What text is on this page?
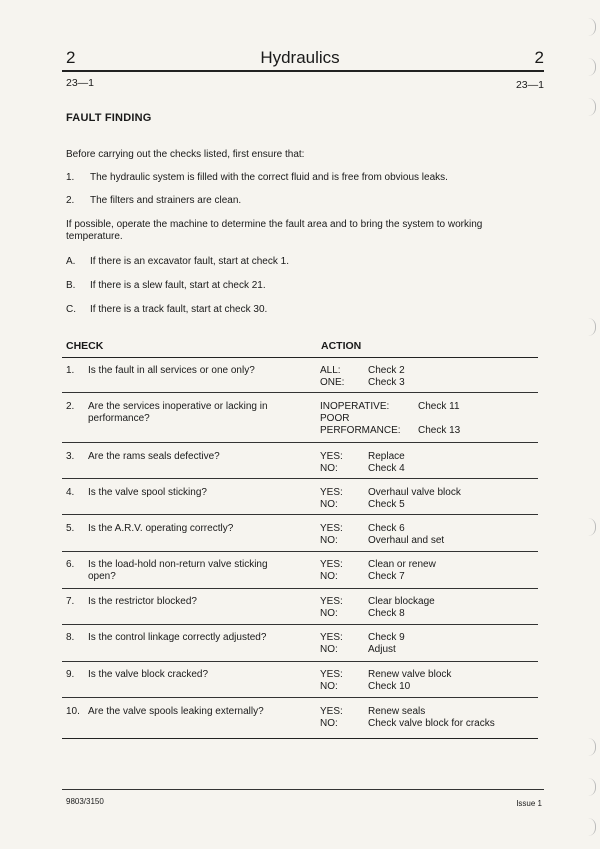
2	Hydraulics	2
23—1	23—1
FAULT FINDING
Before carrying out the checks listed, first ensure that:
1. The hydraulic system is filled with the correct fluid and is free from obvious leaks.
2. The filters and strainers are clean.
If possible, operate the machine to determine the fault area and to bring the system to working temperature.
A. If there is an excavator fault, start at check 1.
B. If there is a slew fault, start at check 21.
C. If there is a track fault, start at check 30.
CHECK	ACTION
1. Is the fault in all services or one only?	ALL:	Check 2
ONE: Check 3
2. Are the services inoperative or lacking in performance?
INOPERATIVE:	Check 11
POOR
PERFORMANCE: Check 13
3. Are the rams seals defective?	YES:	Replace
NO:	Check 4
4. Is the valve spool sticking?	YES:	Overhaul valve block
NO:	Check 5
5. Is the A.R.V. operating correctly?	YES:	Check 6
NO:	Overhaul and set
6. Is the load-hold non-return valve sticking open?
YES:	Clean or renew
NO:	Check 7
7. Is the restrictor blocked?	YES:	Clear blockage
NO:	Check 8
8. Is the control linkage correctly adjusted?	YES:	Check 9
NO:	Adjust
9. Is the valve block cracked?	YES:	Renew valve block
NO:	Check 10
10. Are the valve spools leaking externally?	YES:	Renew seals
NO:	Check valve block for cracks
9803/3150	Issue 1
